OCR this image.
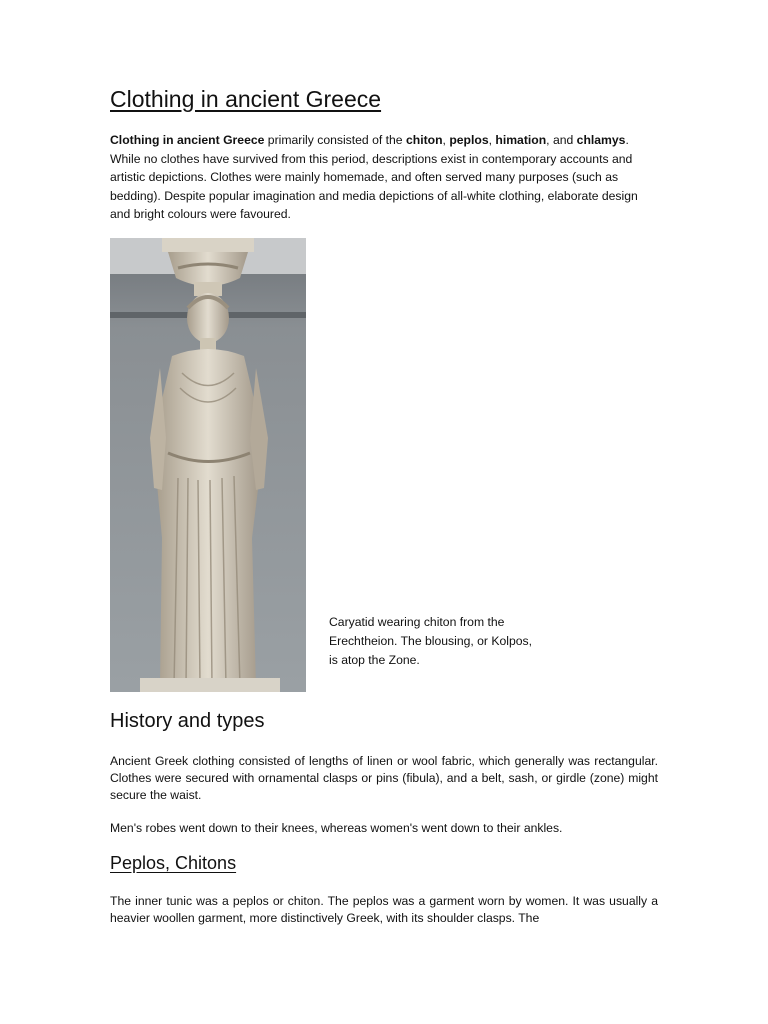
Clothing in ancient Greece

Clothing in ancient Greece primarily consisted of the chiton, peplos, himation, and chlamys. While no clothes have survived from this period, descriptions exist in contemporary accounts and artistic depictions. Clothes were mainly homemade, and often served many purposes (such as bedding). Despite popular imagination and media depictions of all-white clothing, elaborate design and bright colours were favoured.

Caryatid wearing chiton from the Erechtheion. The blousing, or Kolpos, is atop the Zone.

History and types

Ancient Greek clothing consisted of lengths of linen or wool fabric, which generally was rectangular. Clothes were secured with ornamental clasps or pins (fibula), and a belt, sash, or girdle (zone) might secure the waist.

Men's robes went down to their knees, whereas women's went down to their ankles.

Peplos, Chitons

The inner tunic was a peplos or chiton. The peplos was a garment worn by women. It was usually a heavier woollen garment, more distinctively Greek, with its shoulder clasps. The
